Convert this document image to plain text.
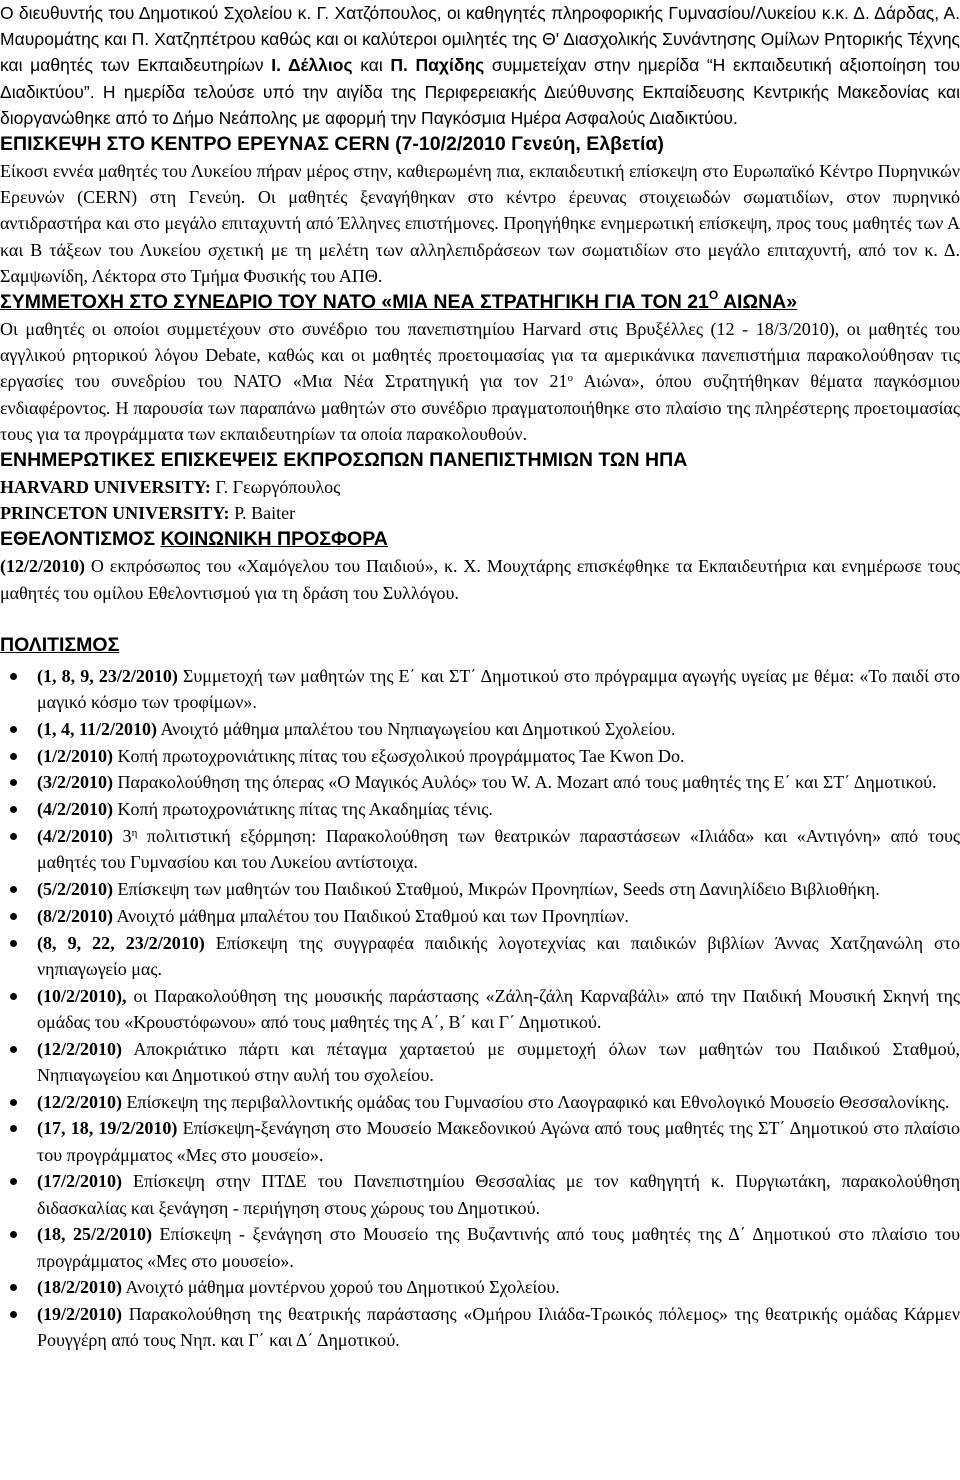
Ο διευθυντής του Δημοτικού Σχολείου κ. Γ. Χατζόπουλος, οι καθηγητές πληροφορικής Γυμνασίου/Λυκείου κ.κ. Δ. Δάρδας, Α. Μαυρομάτης και Π. Χατζηπέτρου καθώς και οι καλύτεροι ομιλητές της Θ' Διασχολικής Συνάντησης Ομίλων Ρητορικής Τέχνης και μαθητές των Εκπαιδευτηρίων Ι. Δέλλιος και Π. Παχίδης συμμετείχαν στην ημερίδα “Η εκπαιδευτική αξιοποίηση του Διαδικτύου”. Η ημερίδα τελούσε υπό την αιγίδα της Περιφερειακής Διεύθυνσης Εκπαίδευσης Κεντρικής Μακεδονίας και διοργανώθηκε από το Δήμο Νεάπολης με αφορμή την Παγκόσμια Ημέρα Ασφαλούς Διαδικτύου.

ΕΠΙΣΚΕΨΗ ΣΤΟ ΚΕΝΤΡΟ ΕΡΕΥΝΑΣ CERN (7-10/2/2010 Γενεύη, Ελβετία)

Είκοσι εννέα μαθητές του Λυκείου πήραν μέρος στην, καθιερωμένη πια, εκπαιδευτική επίσκεψη στο Ευρωπαϊκό Κέντρο Πυρηνικών Ερευνών (CERN) στη Γενεύη. Οι μαθητές ξεναγήθηκαν στο κέντρο έρευνας στοιχειωδών σωματιδίων, στον πυρηνικό αντιδραστήρα και στο μεγάλο επιταχυντή από Έλληνες επιστήμονες. Προηγήθηκε ενημερωτική επίσκεψη, προς τους μαθητές των Α και Β τάξεων του Λυκείου σχετική με τη μελέτη των αλληλεπιδράσεων των σωματιδίων στο μεγάλο επιταχυντή, από τον κ. Δ. Σαμψωνίδη, Λέκτορα στο Τμήμα Φυσικής του ΑΠΘ.

ΣΥΜΜΕΤΟΧΗ ΣΤΟ ΣΥΝΕΔΡΙΟ ΤΟΥ ΝΑΤΟ «ΜΙΑ ΝΕΑ ΣΤΡΑΤΗΓΙΚΗ ΓΙΑ ΤΟΝ $21^O$ ΑΙΩΝΑ»

Οι μαθητές οι οποίοι συμμετέχουν στο συνέδριο του πανεπιστημίου Harvard στις Βρυξέλλες (12 - 18/3/2010), οι μαθητές του αγγλικού ρητορικού λόγου Debate, καθώς και οι μαθητές προετοιμασίας για τα αμερικάνικα πανεπιστήμια παρακολούθησαν τις εργασίες του συνεδρίου του ΝΑΤΟ «Μια Νέα Στρατηγική για τον $21^o$ Αιώνα», όπου συζητήθηκαν θέματα παγκόσμιου ενδιαφέροντος. Η παρουσία των παραπάνω μαθητών στο συνέδριο πραγματοποιήθηκε στο πλαίσιο της πληρέστερης προετοιμασίας τους για τα προγράμματα των εκπαιδευτηρίων τα οποία παρακολουθούν.

ΕΝΗΜΕΡΩΤΙΚΕΣ ΕΠΙΣΚΕΨΕΙΣ ΕΚΠΡΟΣΩΠΩΝ ΠΑΝΕΠΙΣΤΗΜΙΩΝ ΤΩΝ ΗΠΑ

HARVARD UNIVERSITY: Γ. Γεωργόπουλος

PRINCETON UNIVERSITY: Ρ. Baiter

ΕΘΕΛΟΝΤΙΣΜΟΣ ΚΟΙΝΩΝΙΚΗ ΠΡΟΣΦΟΡΑ

(12/2/2010) Ο εκπρόσωπος του «Χαμόγελου του Παιδιού», κ. Χ. Μουχτάρης επισκέφθηκε τα Εκπαιδευτήρια και ενημέρωσε τους μαθητές του ομίλου Εθελοντισμού για τη δράση του Συλλόγου.

ΠΟΛΙΤΙΣΜΟΣ

(1, 8, 9, 23/2/2010) Συμμετοχή των μαθητών της Ε΄ και ΣΤ΄ Δημοτικού στο πρόγραμμα αγωγής υγείας με θέμα: «Το παιδί στο μαγικό κόσμο των τροφίμων».
(1, 4, 11/2/2010) Ανοιχτό μάθημα μπαλέτου του Νηπιαγωγείου και Δημοτικού Σχολείου.
(1/2/2010) Κοπή πρωτοχρονιάτικης πίτας του εξωσχολικού προγράμματος Tae Kwon Do.
(3/2/2010) Παρακολούθηση της όπερας «Ο Μαγικός Αυλός» του W. A. Mozart από τους μαθητές της Ε΄ και ΣΤ΄ Δημοτικού.
(4/2/2010) Κοπή πρωτοχρονιάτικης πίτας της Ακαδημίας τένις.
(4/2/2010) $3^\eta$ πολιτιστική εξόρμηση: Παρακολούθηση των θεατρικών παραστάσεων «Ιλιάδα» και «Αντιγόνη» από τους μαθητές του Γυμνασίου και του Λυκείου αντίστοιχα.
(5/2/2010) Επίσκεψη των μαθητών του Παιδικού Σταθμού, Μικρών Προνηπίων, Seeds στη Δανιηλίδειο Βιβλιοθήκη.
(8/2/2010) Ανοιχτό μάθημα μπαλέτου του Παιδικού Σταθμού και των Προνηπίων.
(8, 9, 22, 23/2/2010) Επίσκεψη της συγγραφέα παιδικής λογοτεχνίας και παιδικών βιβλίων Άννας Χατζηανώλη στο νηπιαγωγείο μας.
(10/2/2010), οι Παρακολούθηση της μουσικής παράστασης «Ζάλη-ζάλη Καρναβάλι» από την Παιδική Μουσική Σκηνή της ομάδας του «Κρουστόφωνου» από τους μαθητές της Α΄, Β΄ και Γ΄ Δημοτικού.
(12/2/2010) Αποκριάτικο πάρτι και πέταγμα χαρταετού με συμμετοχή όλων των μαθητών του Παιδικού Σταθμού, Νηπιαγωγείου και Δημοτικού στην αυλή του σχολείου.
(12/2/2010) Επίσκεψη της περιβαλλοντικής ομάδας του Γυμνασίου στο Λαογραφικό και Εθνολογικό Μουσείο Θεσσαλονίκης.
(17, 18, 19/2/2010) Επίσκεψη-ξενάγηση στο Μουσείο Μακεδονικού Αγώνα από τους μαθητές της ΣΤ΄ Δημοτικού στο πλαίσιο του προγράμματος «Μες στο μουσείο».
(17/2/2010) Επίσκεψη στην ΠΤΔΕ του Πανεπιστημίου Θεσσαλίας με τον καθηγητή κ. Πυργιωτάκη, παρακολούθηση διδασκαλίας και ξενάγηση - περιήγηση στους χώρους του Δημοτικού.
(18, 25/2/2010) Επίσκεψη - ξενάγηση στο Μουσείο της Βυζαντινής από τους μαθητές της Δ΄ Δημοτικού στο πλαίσιο του προγράμματος «Μες στο μουσείο».
(18/2/2010) Ανοιχτό μάθημα μοντέρνου χορού του Δημοτικού Σχολείου.
(19/2/2010) Παρακολούθηση της θεατρικής παράστασης «Ομήρου Ιλιάδα-Τρωικός πόλεμος» της θεατρικής ομάδας Κάρμεν Ρουγγέρη από τους Νηπ. και Γ΄ και Δ΄ Δημοτικού.
